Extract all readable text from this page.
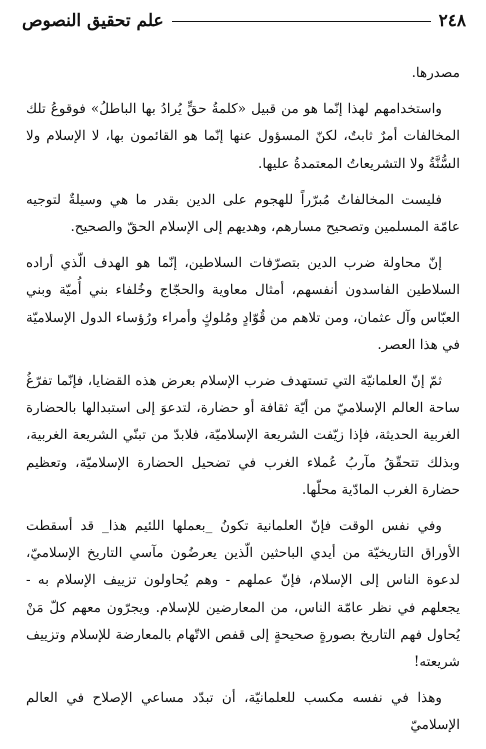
٢٤٨
علم تحقيق النصوص

مصدرها.

واستخدامهم لهذا إنّما هو من قبيل «كلمةُ حقٍّ يُرادُ بها الباطلُ» فوقوعُ تلك المخالفات أمرٌ ثابتٌ، لكنّ المسؤول عنها إنّما هو القائمون بها، لا الإسلام ولا السُّنَّةُ ولا التشريعاتُ المعتمدةُ عليها.

فليست المخالفاتُ مُبرّراً للهجوم على الدين بقدر ما هي وسيلةٌ لتوجيه عامّة المسلمين وتصحيح مسارهم، وهديهم إلى الإسلام الحقّ والصحيح.

إنّ محاولة ضرب الدين بتصرّفات السلاطين، إنّما هو الهدف الّذي أراده السلاطين الفاسدون أنفسهم، أمثال معاوية والحجّاج وخُلفاء بني أُميّة وبني العبّاس وآل عثمان، ومن تلاهم من قُوّادٍ ومُلوكٍ وأمراء ورُؤساء الدول الإسلاميّة في هذا العصر.

ثمّ إنّ العلمانيّة التي تستهدف ضرب الإسلام بعرض هذه القضايا، فإنّما تفرّغُ ساحة العالم الإسلاميّ من أيّة ثقافة أو حضارة، لتدعوَ إلى استبدالها بالحضارة الغربية الحديثة، فإذا زيّفت الشريعة الإسلاميّة، فلابدّ من تبنّي الشريعة الغربية، وبذلك تتحقّقُ مآربُ عُملاء الغرب في تضحيل الحضارة الإسلاميّة، وتعظيم حضارة الغرب المادّية محلّها.

وفي نفس الوقت فإنّ العلمانية تكونُ _بعملها اللئيم هذا_ قد أسقطت الأوراق التاريخيّة من أيدي الباحثين الّذين يعرضُون مآسي التاريخ الإسلاميّ، لدعوة الناس إلى الإسلام، فإنّ عملهم - وهم يُحاولون تزييف الإسلام به - يجعلهم في نظر عامّة الناس، من المعارضين للإسلام. ويجرّون معهم كلّ مَنْ يُحاول فهم التاريخ بصورةٍ صحيحةٍ إلى قفص الاتّهام بالمعارضة للإسلام وتزييف شريعته!

وهذا في نفسه مكسب للعلمانيّة، أن تبدّد مساعي الإصلاح في العالم الإسلاميّ
